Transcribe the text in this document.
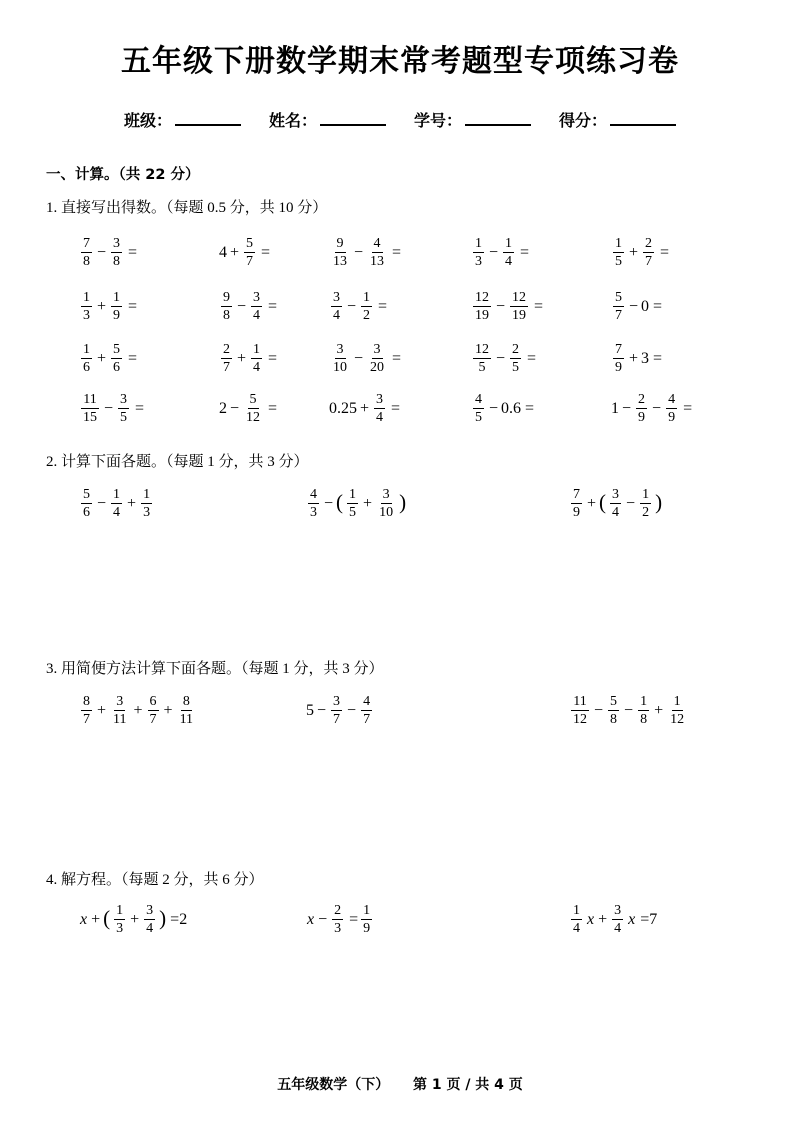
五年级下册数学期末常考题型专项练习卷
班级：	姓名：	学号：	得分：
一、计算。（共 22 分）
1. 直接写出得数。（每题 0.5 分，共 10 分）
$\frac{7}{8} - \frac{3}{8}$ =	$4 + \frac{5}{7}$ =	$\frac{9}{13} - \frac{4}{13}$ =	$\frac{1}{3} - \frac{1}{4}$ =	$\frac{1}{5} + \frac{2}{7}$ =
$\frac{1}{3} + \frac{1}{9}$ =	$\frac{9}{8} - \frac{3}{4}$ =	$\frac{3}{4} - \frac{1}{2}$ =	$\frac{12}{19} - \frac{12}{19}$ =	$\frac{5}{7} - 0$ =
$\frac{1}{6} + \frac{5}{6}$ =	$\frac{2}{7} + \frac{1}{4}$ =	$\frac{3}{10} - \frac{3}{20}$ =	$\frac{12}{5} - \frac{2}{5}$ =	$\frac{7}{9} + 3$ =
$\frac{11}{15} - \frac{3}{5}$ =	$2 - \frac{5}{12}$ =	$0.25 + \frac{3}{4}$ =	$\frac{4}{5} - 0.6$ =	$1 - \frac{2}{9} - \frac{4}{9}$ =
2. 计算下面各题。（每题 1 分，共 3 分）
$\frac{5}{6} - \frac{1}{4} + \frac{1}{3}$	$\frac{4}{3}$ − ( $\frac{1}{5} + \frac{3}{10}$ )	$\frac{7}{9}$ + ( $\frac{3}{4} - \frac{1}{2}$ )
3. 用简便方法计算下面各题。（每题 1 分，共 3 分）
$\frac{8}{7} + \frac{3}{11} + \frac{6}{7} + \frac{8}{11}$	$5 - \frac{3}{7} - \frac{4}{7}$	$\frac{11}{12} - \frac{5}{8} - \frac{1}{8} + \frac{1}{12}$
4. 解方程。（每题 2 分，共 6 分）
x + ( $\frac{1}{3} + \frac{3}{4}$ ) =2	$x - \frac{2}{3} = \frac{1}{9}$	$\frac{1}{4}$ $x + \frac{3}{4}$ x =7
五年级数学（下） 第 1 页 / 共 4 页
